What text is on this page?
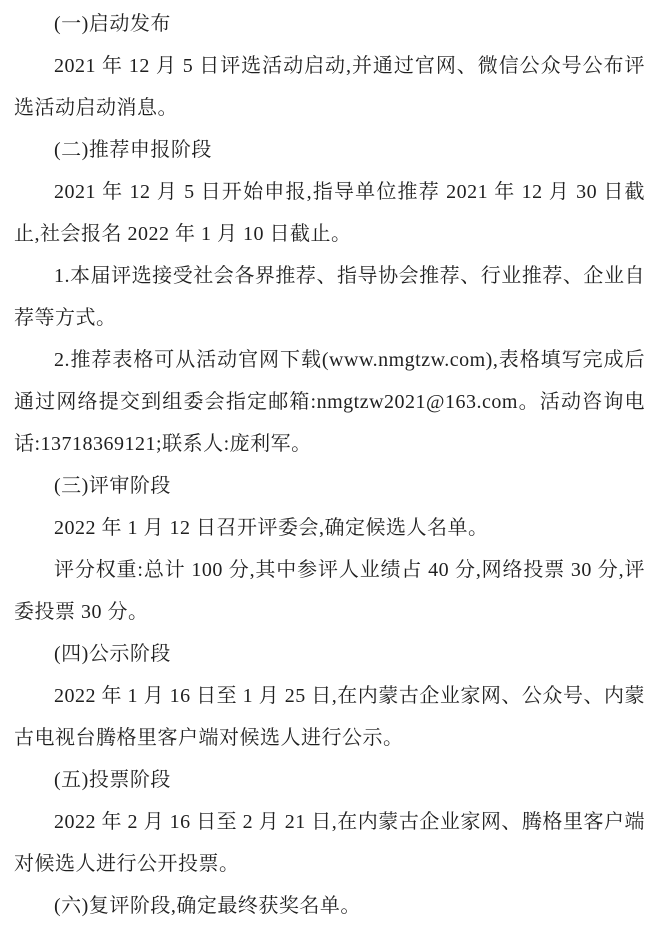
(一)启动发布

2021 年 12 月 5 日评选活动启动,并通过官网、微信公众号公布评选活动启动消息。

(二)推荐申报阶段

2021 年 12 月 5 日开始申报,指导单位推荐 2021 年 12 月 30 日截止,社会报名 2022 年 1 月 10 日截止。

1.本届评选接受社会各界推荐、指导协会推荐、行业推荐、企业自荐等方式。

2.推荐表格可从活动官网下载(www.nmgtzw.com),表格填写完成后通过网络提交到组委会指定邮箱:nmgtzw2021@163.com。活动咨询电话:13718369121;联系人:庞利军。

(三)评审阶段

2022 年 1 月 12 日召开评委会,确定候选人名单。

评分权重:总计 100 分,其中参评人业绩占 40 分,网络投票 30 分,评委投票 30 分。

(四)公示阶段

2022 年 1 月 16 日至 1 月 25 日,在内蒙古企业家网、公众号、内蒙古电视台腾格里客户端对候选人进行公示。

(五)投票阶段

2022 年 2 月 16 日至 2 月 21 日,在内蒙古企业家网、腾格里客户端对候选人进行公开投票。

(六)复评阶段,确定最终获奖名单。
